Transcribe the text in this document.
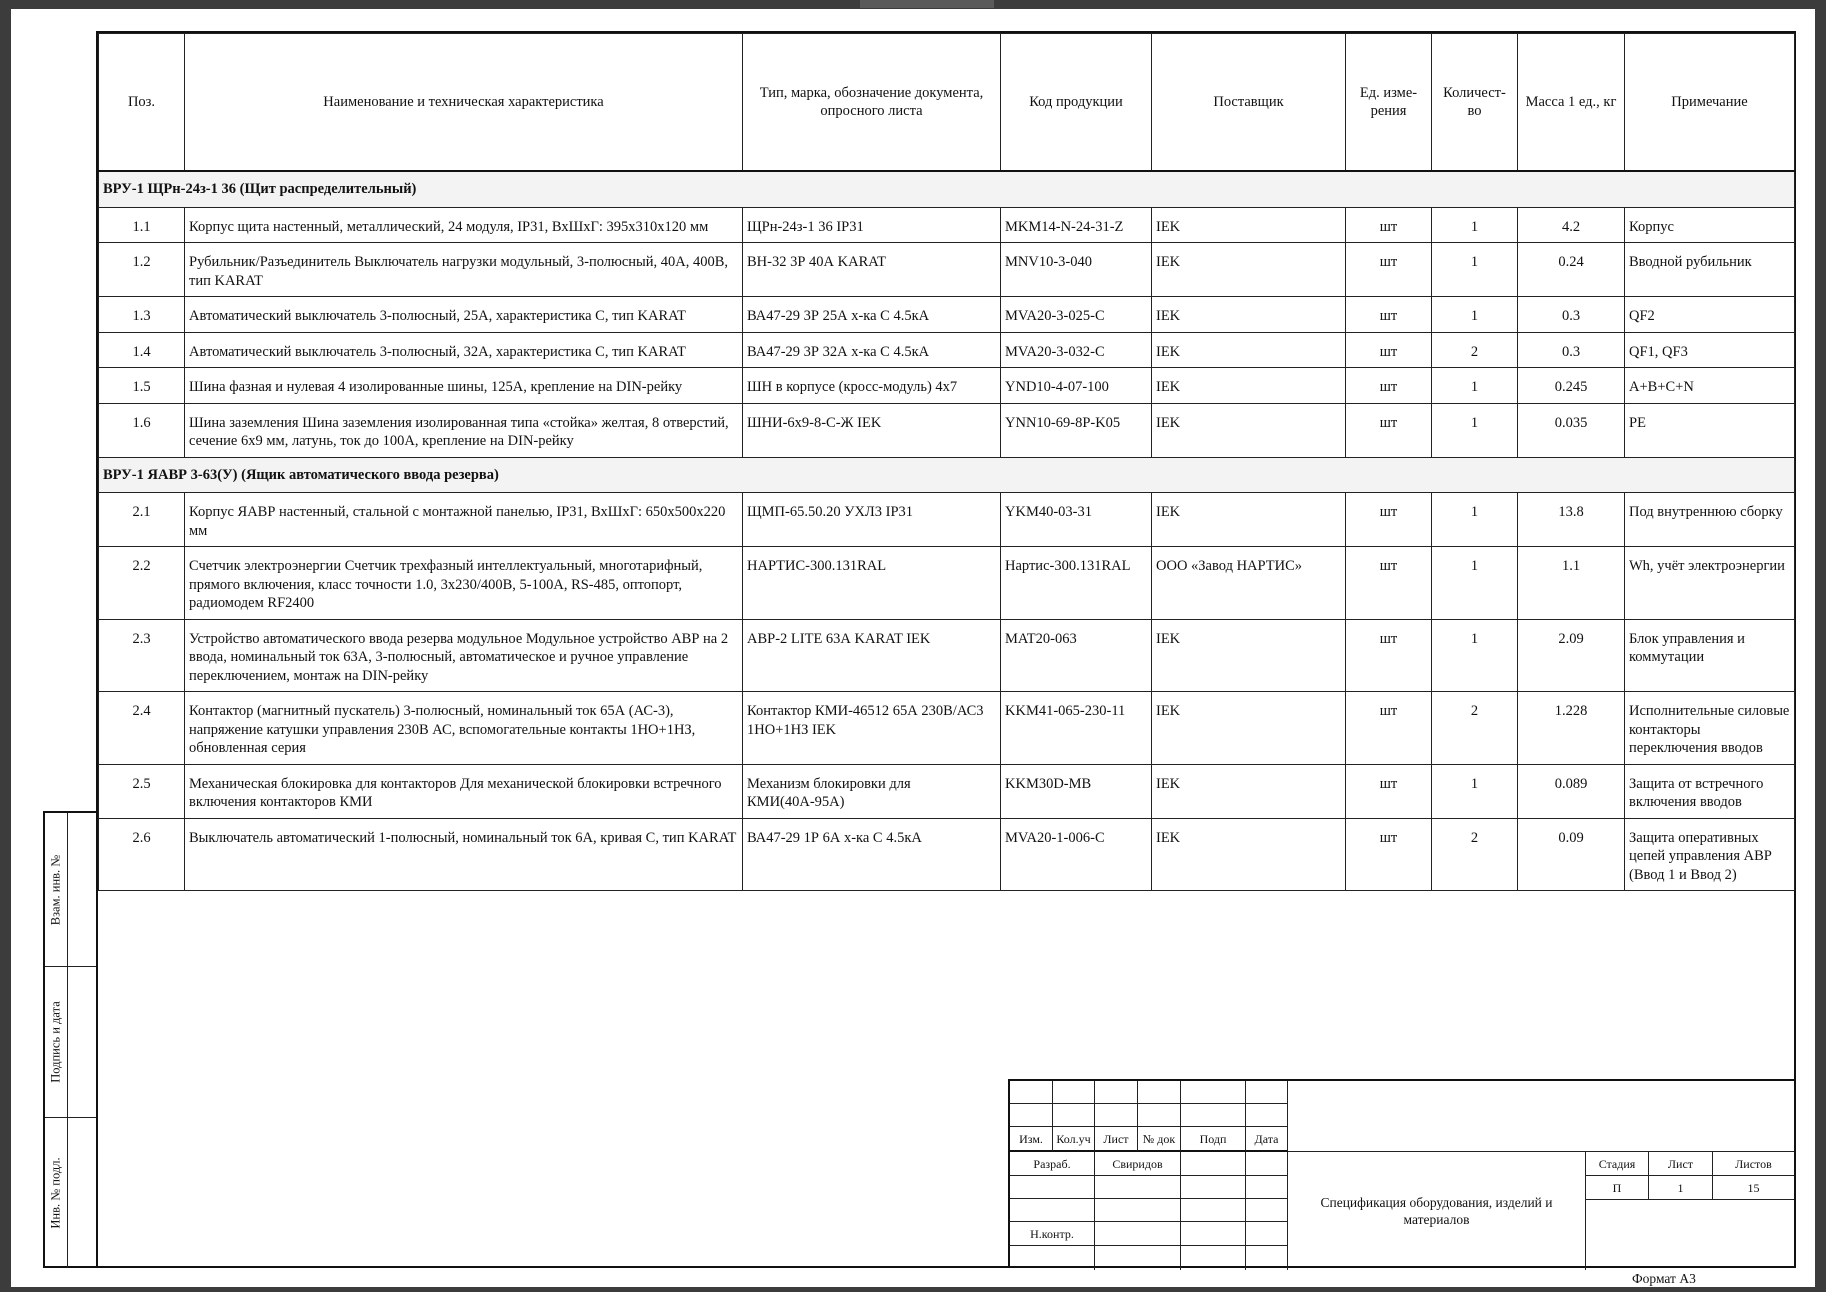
Поз.	Наименование и техническая характеристика	Тип, марка, обозначение документа, опросного листа	Код продукции	Поставщик	Ед. изме- рения	Количест- во	Масса 1 ед., кг	Примечание
ВРУ-1 ЩРн-24з-1 36 (Щит распределительный)								
1.1	Корпус щита настенный, металлический, 24 модуля, IP31, ВхШхГ: 395x310x120 мм	ЩРн-24з-1 36 IP31	MKM14-N-24-31-Z	IEK	шт	1	4.2	Корпус
1.2	Рубильник/Разъединитель Выключатель нагрузки модульный, 3-полюсный, 40А, 400В, тип KARAT	ВН-32 3Р 40А KARAT	MNV10-3-040	IEK	шт	1	0.24	Вводной рубильник
1.3	Автоматический выключатель 3-полюсный, 25А, характеристика С, тип KARAT	ВА47-29 3Р 25А х-ка С 4.5кА	MVA20-3-025-C	IEK	шт	1	0.3	QF2
1.4	Автоматический выключатель 3-полюсный, 32А, характеристика С, тип KARAT	ВА47-29 3Р 32А х-ка С 4.5кА	MVA20-3-032-C	IEK	шт	2	0.3	QF1, QF3
1.5	Шина фазная и нулевая 4 изолированные шины, 125А, крепление на DIN-рейку	ШН в корпусе (кросс-модуль) 4х7	YND10-4-07-100	IEK	шт	1	0.245	A+B+C+N
1.6	Шина заземления Шина заземления изолированная типа «стойка» желтая, 8 отверстий, сечение 6х9 мм, латунь, ток до 100А, крепление на DIN-рейку	ШНИ-6х9-8-С-Ж IEK	YNN10-69-8P-K05	IEK	шт	1	0.035	PE
ВРУ-1 ЯАВР 3-63(У) (Ящик автоматического ввода резерва)								
2.1	Корпус ЯАВР настенный, стальной с монтажной панелью, IP31, ВхШхГ: 650x500x220 мм	ЩМП-65.50.20 УХЛ3 IP31	YKM40-03-31	IEK	шт	1	13.8	Под внутреннюю сборку
2.2	Счетчик электроэнергии Счетчик трехфазный интеллектуальный, многотарифный, прямого включения, класс точности 1.0, 3х230/400В, 5-100А, RS-485, оптопорт, радиомодем RF2400	НАРТИС-300.131RAL	Нартис-300.131RAL	ООО «Завод НАРТИС»	шт	1	1.1	Wh, учёт электроэнергии
2.3	Устройство автоматического ввода резерва модульное Модульное устройство АВР на 2 ввода, номинальный ток 63А, 3-полюсный, автоматическое и ручное управление переключением, монтаж на DIN-рейку	АВР-2 LITE 63А KARAT IEK	MAT20-063	IEK	шт	1	2.09	Блок управления и коммутации
2.4	Контактор (магнитный пускатель) 3-полюсный, номинальный ток 65А (АС-3), напряжение катушки управления 230В АС, вспомогательные контакты 1НО+1НЗ, обновленная серия	Контактор КМИ-46512 65А 230В/АС3 1НО+1НЗ IEK	KKM41-065-230-11	IEK	шт	2	1.228	Исполнительные силовые контакторы переключения вводов
2.5	Механическая блокировка для контакторов Для механической блокировки встречного включения контакторов КМИ	Механизм блокировки для КМИ(40А-95А)	KKM30D-MB	IEK	шт	1	0.089	Защита от встречного включения вводов
2.6	Выключатель автоматический 1-полюсный, номинальный ток 6А, кривая С, тип KARAT	ВА47-29 1Р 6А х-ка С 4.5кА	MVA20-1-006-C	IEK	шт	2	0.09	Защита оперативных цепей управления АВР (Ввод 1 и Ввод 2)
Взам. инв. №
Подпись и дата
Инв. № подл.
Изм.	Кол.уч	Лист	№ док	Подп	Дата
Разраб.	Свиридов
Н.контр.
Спецификация оборудования, изделий и материалов
Стадия	Лист	Листов
П	1	15
Формат А3
